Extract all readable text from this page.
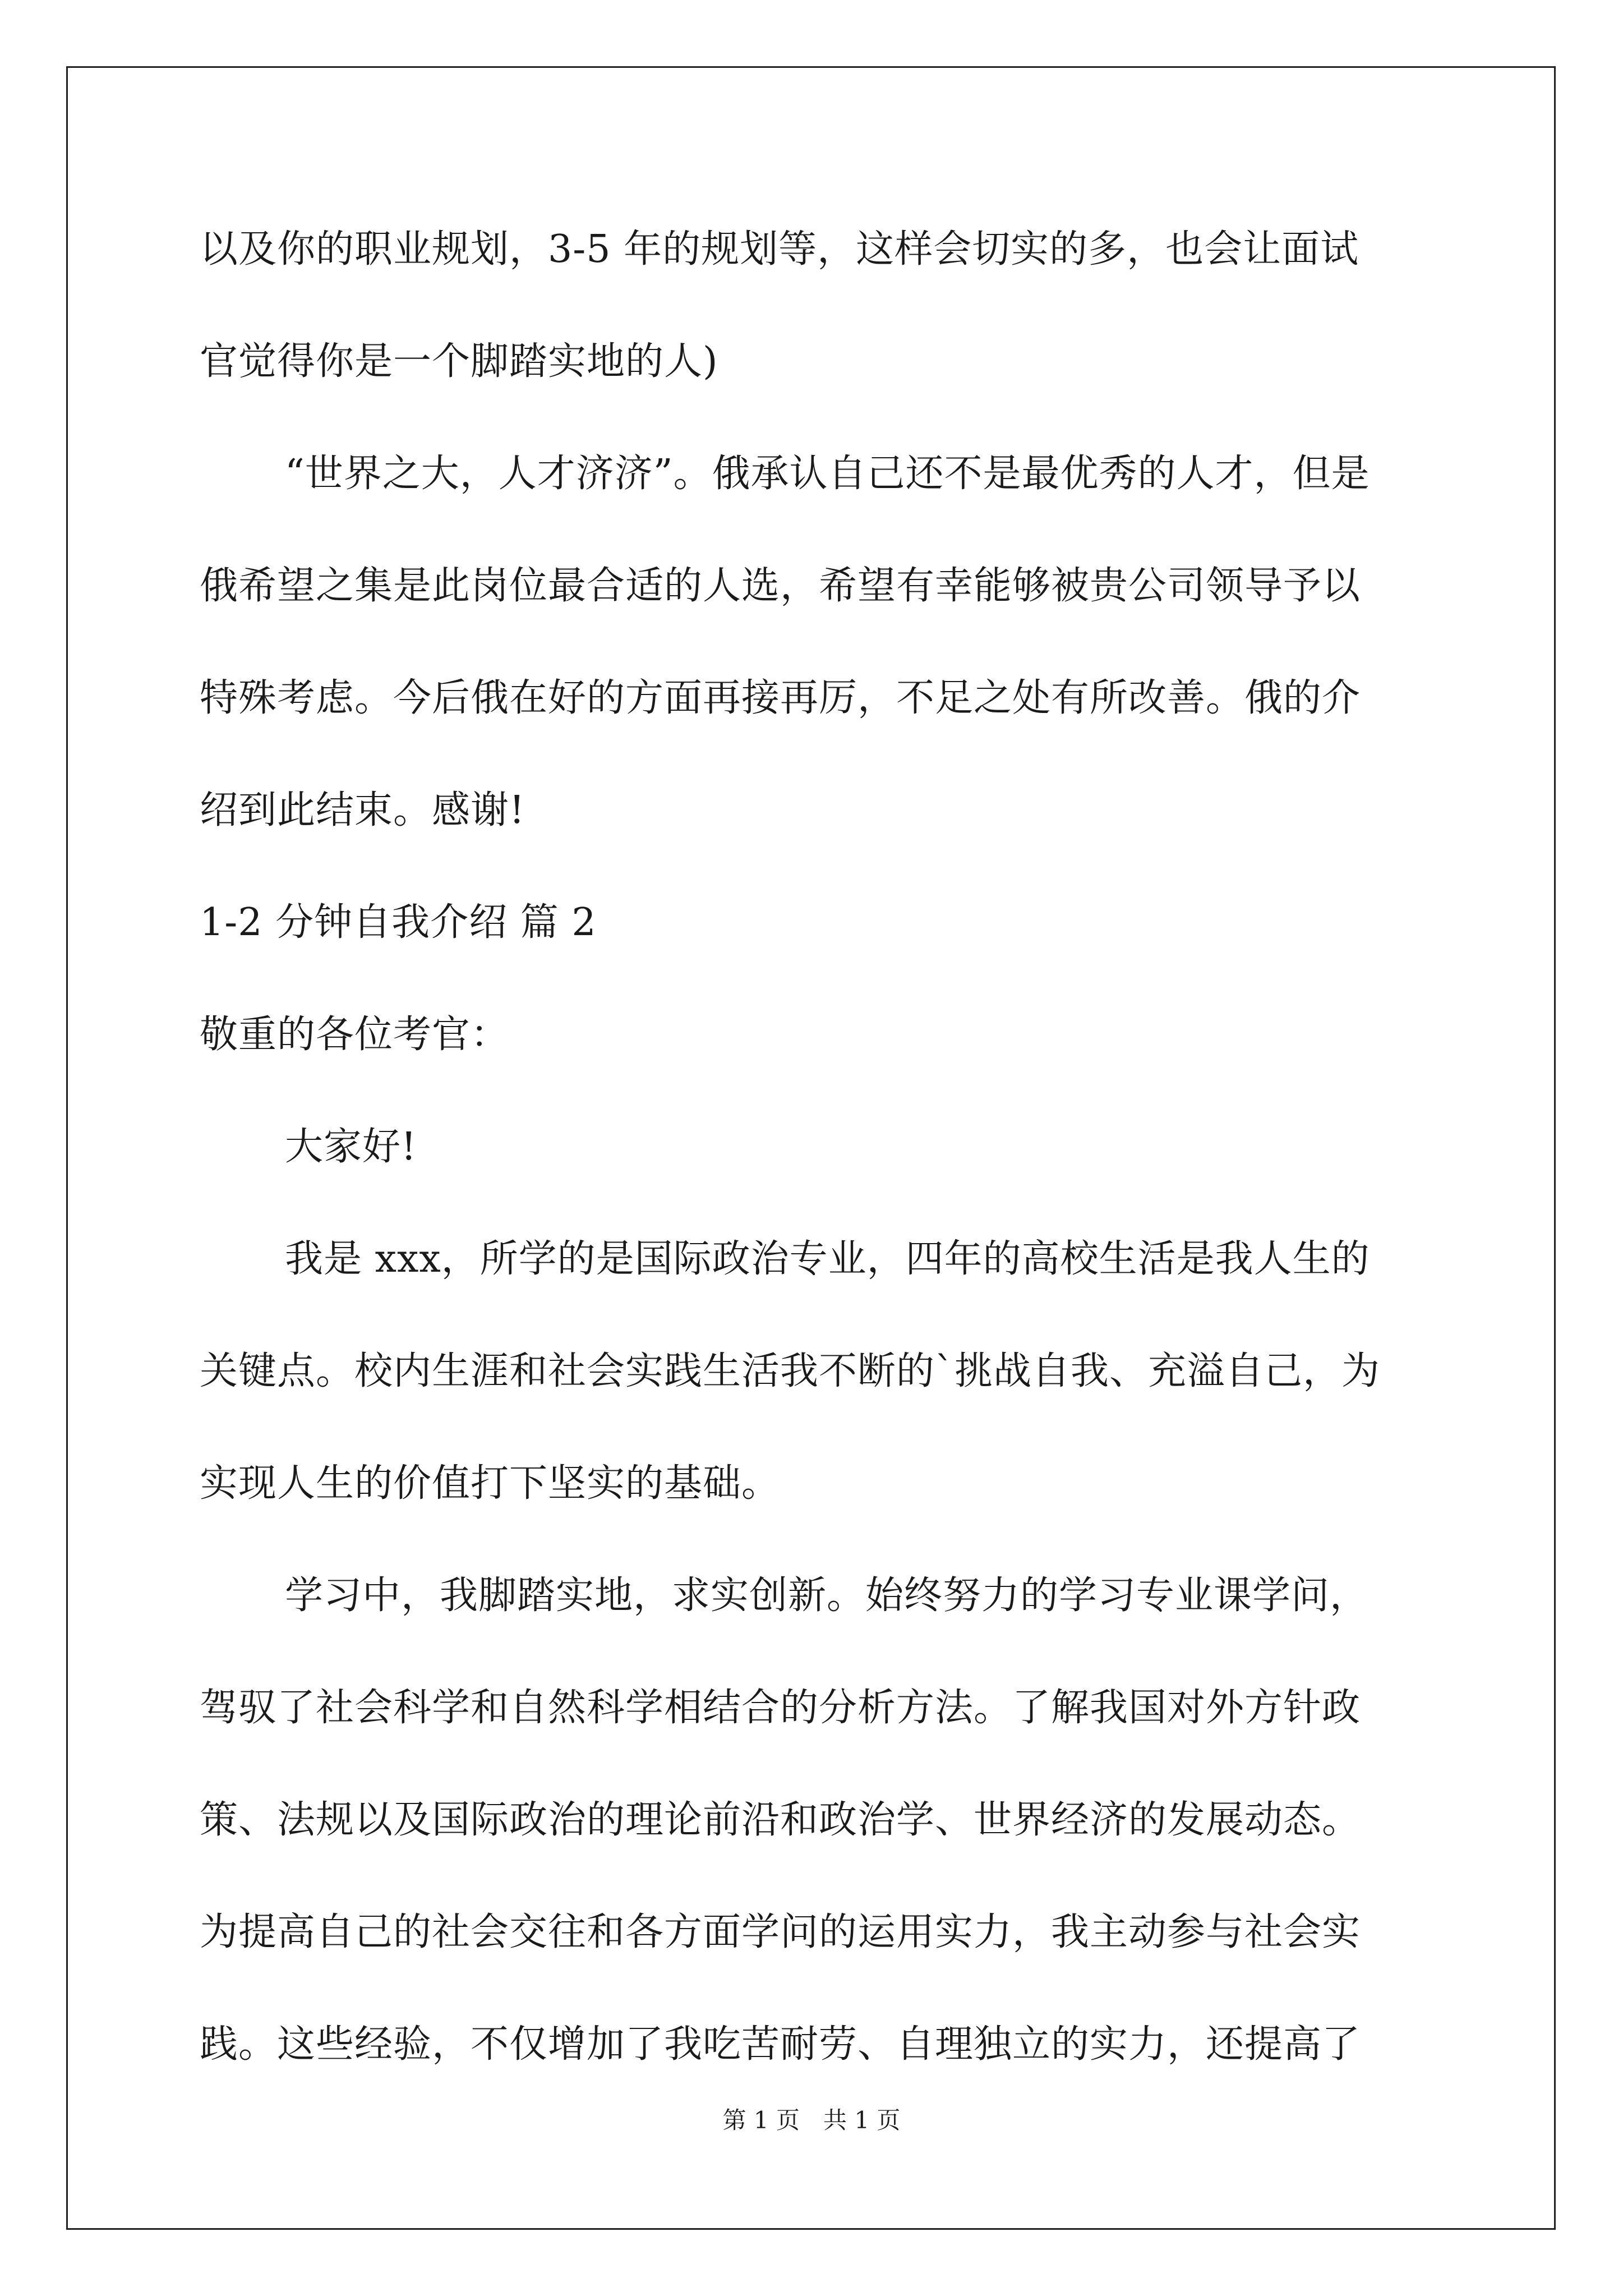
以及你的职业规划，3-5 年的规划等，这样会切实的多，也会让面试
官觉得你是一个脚踏实地的人)
“世界之大，人才济济”。俄承认自己还不是最优秀的人才，但是
俄希望之集是此岗位最合适的人选，希望有幸能够被贵公司领导予以
特殊考虑。今后俄在好的方面再接再厉，不足之处有所改善。俄的介
绍到此结束。感谢!
1-2 分钟自我介绍 篇 2
敬重的各位考官：
大家好!
我是 xxx，所学的是国际政治专业，四年的高校生活是我人生的
关键点。校内生涯和社会实践生活我不断的`挑战自我、充溢自己，为
实现人生的价值打下坚实的基础。
学习中，我脚踏实地，求实创新。始终努力的学习专业课学问，
驾驭了社会科学和自然科学相结合的分析方法。了解我国对外方针政
策、法规以及国际政治的理论前沿和政治学、世界经济的发展动态。
为提高自己的社会交往和各方面学问的运用实力，我主动参与社会实
践。这些经验，不仅增加了我吃苦耐劳、自理独立的实力，还提高了
第 1 页 共 1 页
